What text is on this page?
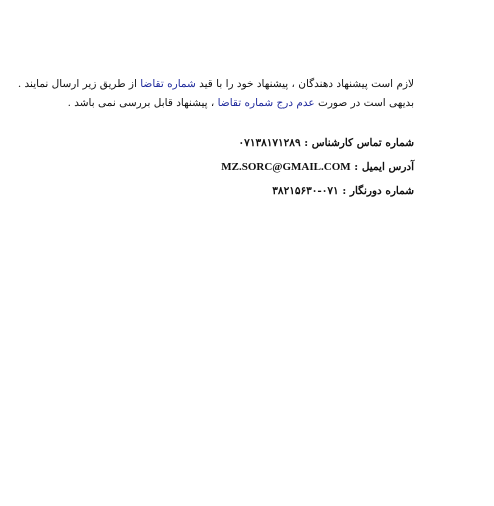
لازم است پیشنهاد دهندگان ، پیشنهاد خود را با قید شماره تقاضا از طریق زیر ارسال نمایند . بدیهی است در صورت عدم درج شماره تقاضا ، پیشنهاد قابل بررسی نمی باشد .
شماره تماس کارشناس : ۰۷۱۳۸۱۷۱۲۸۹
آدرس ایمیل : MZ.SORC@GMAIL.COM
شماره دورنگار : ۰۷۱-۳۸۲۱۵۶۳۰
